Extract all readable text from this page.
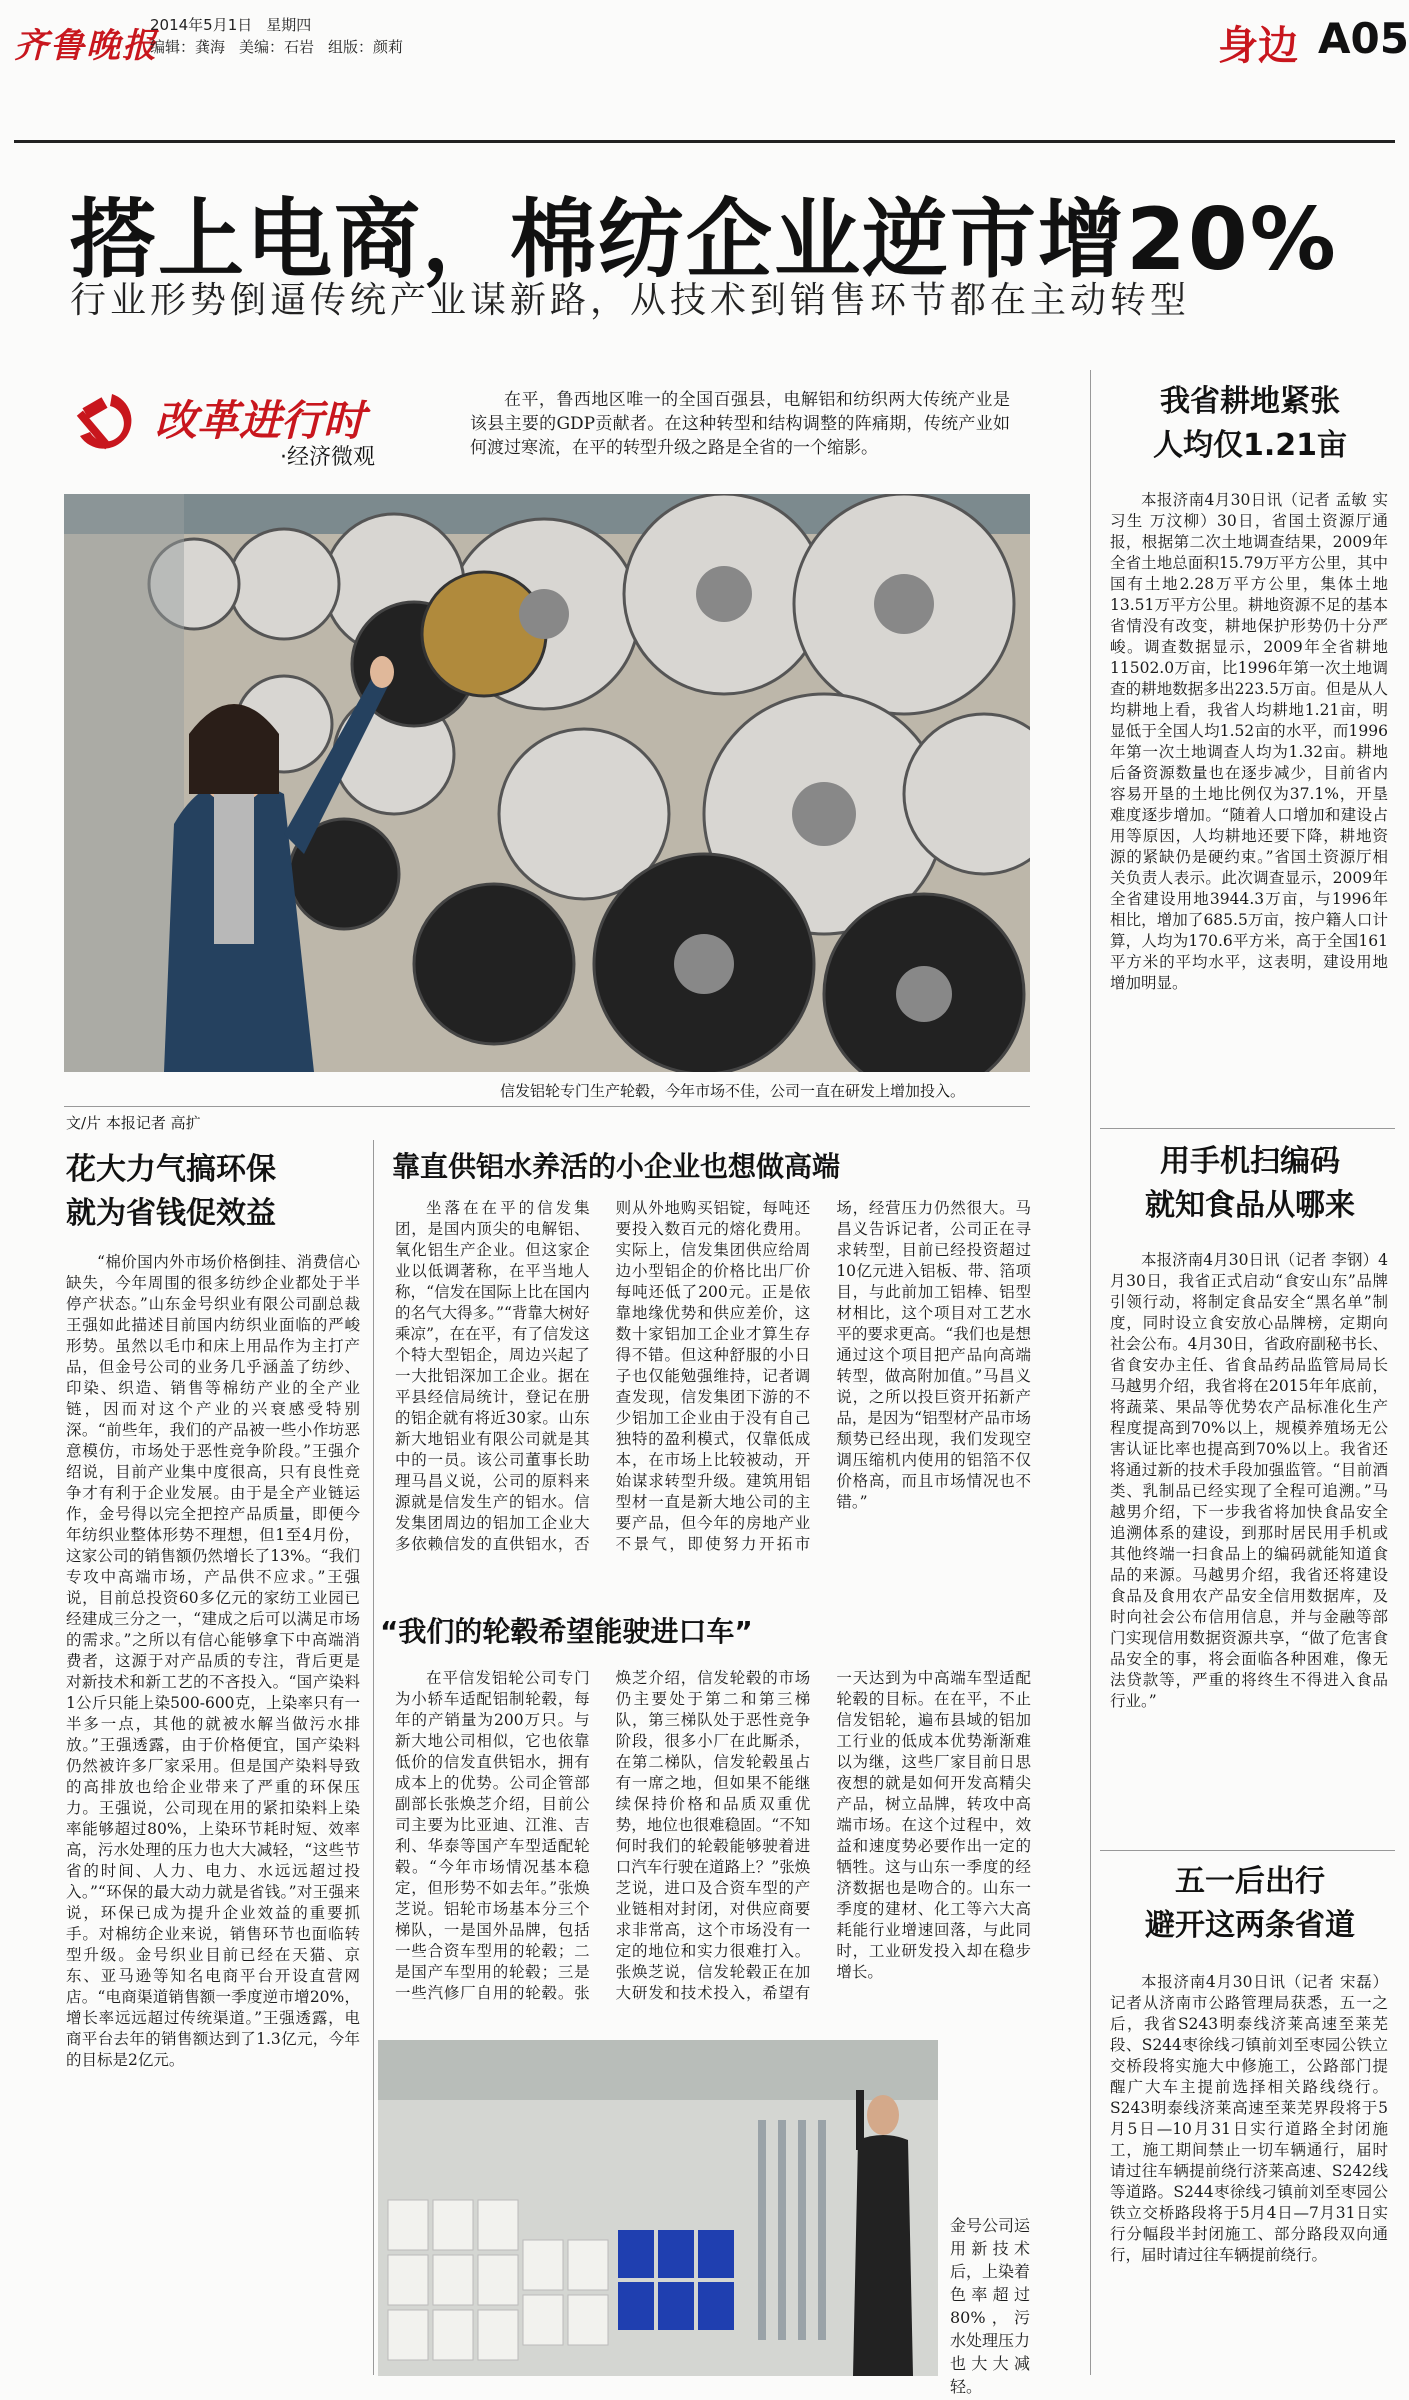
齐鲁晚报
2014年5月1日 星期四
编辑：龚海 美编：石岩 组版：颜莉	身边 A05
搭上电商，棉纺企业逆市增20%
行业形势倒逼传统产业谋新路，从技术到销售环节都在主动转型
改革进行时
·经济微观

在平，鲁西地区唯一的全国百强县，电解铝和纺织两大传统产业是该县主要的GDP贡献者。在这种转型和结构调整的阵痛期，传统产业如何渡过寒流，在平的转型升级之路是全省的一个缩影。

信发铝轮专门生产轮毂，今年市场不佳，公司一直在研发上增加投入。
文/片 本报记者 高扩
花大力气搞环保
就为省钱促效益

“棉价国内外市场价格倒挂、消费信心缺失，今年周围的很多纺纱企业都处于半停产状态。”山东金号织业有限公司副总裁王强如此描述目前国内纺织业面临的严峻形势。虽然以毛巾和床上用品作为主打产品，但金号公司的业务几乎涵盖了纺纱、印染、织造、销售等棉纺产业的全产业链，因而对这个产业的兴衰感受特别深。“前些年，我们的产品被一些小作坊恶意模仿，市场处于恶性竞争阶段。”王强介绍说，目前产业集中度很高，只有良性竞争才有利于企业发展。由于是全产业链运作，金号得以完全把控产品质量，即便今年纺织业整体形势不理想，但1至4月份，这家公司的销售额仍然增长了13%。“我们专攻中高端市场，产品供不应求。”王强说，目前总投资60多亿元的家纺工业园已经建成三分之一，“建成之后可以满足市场的需求。”之所以有信心能够拿下中高端消费者，这源于对产品质的专注，背后更是对新技术和新工艺的不吝投入。“国产染料1公斤只能上染500-600克，上染率只有一半多一点，其他的就被水解当做污水排放。”王强透露，由于价格便宜，国产染料仍然被许多厂家采用。但是国产染料导致的高排放也给企业带来了严重的环保压力。王强说，公司现在用的紧扣染料上染率能够超过80%，上染环节耗时短、效率高，污水处理的压力也大大减轻，“这些节省的时间、人力、电力、水远远超过投入。”“环保的最大动力就是省钱。”对王强来说，环保已成为提升企业效益的重要抓手。对棉纺企业来说，销售环节也面临转型升级。金号织业目前已经在天猫、京东、亚马逊等知名电商平台开设直营网店。“电商渠道销售额一季度逆市增20%，增长率远远超过传统渠道。”王强透露，电商平台去年的销售额达到了1.3亿元，今年的目标是2亿元。

靠直供铝水养活的小企业也想做高端

坐落在在平的信发集团，是国内顶尖的电解铝、氧化铝生产企业。但这家企业以低调著称，在平当地人称，“信发在国际上比在国内的名气大得多。”“背靠大树好乘凉”，在在平，有了信发这个特大型铝企，周边兴起了一大批铝深加工企业。据在平县经信局统计，登记在册的铝企就有将近30家。山东新大地铝业有限公司就是其中的一员。该公司董事长助理马昌义说，公司的原料来源就是信发生产的铝水。信发集团周边的铝加工企业大多依赖信发的直供铝水，否则从外地购买铝锭，每吨还要投入数百元的熔化费用。实际上，信发集团供应给周边小型铝企的价格比出厂价每吨还低了200元。正是依靠地缘优势和供应差价，这数十家铝加工企业才算生存得不错。但这种舒服的小日子也仅能勉强维持，记者调查发现，信发集团下游的不少铝加工企业由于没有自己独特的盈利模式，仅靠低成本，在市场上比较被动，开始谋求转型升级。建筑用铝型材一直是新大地公司的主要产品，但今年的房地产业不景气，即使努力开拓市场，经营压力仍然很大。马昌义告诉记者，公司正在寻求转型，目前已经投资超过10亿元进入铝板、带、箔项目，与此前加工铝棒、铝型材相比，这个项目对工艺水平的要求更高。“我们也是想通过这个项目把产品向高端转型，做高附加值。”马昌义说，之所以投巨资开拓新产品，是因为“铝型材产品市场颓势已经出现，我们发现空调压缩机内使用的铝箔不仅价格高，而且市场情况也不错。”

“我们的轮毂希望能驶进口车”

在平信发铝轮公司专门为小轿车适配铝制轮毂，每年的产销量为200万只。与新大地公司相似，它也依靠低价的信发直供铝水，拥有成本上的优势。公司企管部副部长张焕芝介绍，目前公司主要为比亚迪、江淮、吉利、华泰等国产车型适配轮毂。“今年市场情况基本稳定，但形势不如去年。”张焕芝说。铝轮市场基本分三个梯队，一是国外品牌，包括一些合资车型用的轮毂；二是国产车型用的轮毂；三是一些汽修厂自用的轮毂。张焕芝介绍，信发轮毂的市场仍主要处于第二和第三梯队，第三梯队处于恶性竞争阶段，很多小厂在此厮杀，在第二梯队，信发轮毂虽占有一席之地，但如果不能继续保持价格和品质双重优势，地位也很难稳固。“不知何时我们的轮毂能够驶着进口汽车行驶在道路上？”张焕芝说，进口及合资车型的产业链相对封闭，对供应商要求非常高，这个市场没有一定的地位和实力很难打入。张焕芝说，信发轮毂正在加大研发和技术投入，希望有一天达到为中高端车型适配轮毂的目标。在在平，不止信发铝轮，遍布县域的铝加工行业的低成本优势渐渐难以为继，这些厂家目前日思夜想的就是如何开发高精尖产品，树立品牌，转攻中高端市场。在这个过程中，效益和速度势必要作出一定的牺牲。这与山东一季度的经济数据也是吻合的。山东一季度的建材、化工等六大高耗能行业增速回落，与此同时，工业研发投入却在稳步增长。

金号公司运用新技术后，上染着色率超过80%，污水处理压力也大大减轻。

我省耕地紧张
人均仅1.21亩

本报济南4月30日讯（记者 孟敏 实习生 万汶柳）30日，省国土资源厅通报，根据第二次土地调查结果，2009年全省土地总面积15.79万平方公里，其中国有土地2.28万平方公里，集体土地13.51万平方公里。耕地资源不足的基本省情没有改变，耕地保护形势仍十分严峻。调查数据显示，2009年全省耕地11502.0万亩，比1996年第一次土地调查的耕地数据多出223.5万亩。但是从人均耕地上看，我省人均耕地1.21亩，明显低于全国人均1.52亩的水平，而1996年第一次土地调查人均为1.32亩。耕地后备资源数量也在逐步减少，目前省内容易开垦的土地比例仅为37.1%，开垦难度逐步增加。“随着人口增加和建设占用等原因，人均耕地还要下降，耕地资源的紧缺仍是硬约束。”省国土资源厅相关负责人表示。此次调查显示，2009年全省建设用地3944.3万亩，与1996年相比，增加了685.5万亩，按户籍人口计算，人均为170.6平方米，高于全国161平方米的平均水平，这表明，建设用地增加明显。

用手机扫编码
就知食品从哪来

本报济南4月30日讯（记者 李钢）4月30日，我省正式启动“食安山东”品牌引领行动，将制定食品安全“黑名单”制度，同时设立食安放心品牌榜，定期向社会公布。4月30日，省政府副秘书长、省食安办主任、省食品药品监管局局长马越男介绍，我省将在2015年年底前，将蔬菜、果品等优势农产品标准化生产程度提高到70%以上，规模养殖场无公害认证比率也提高到70%以上。我省还将通过新的技术手段加强监管。“目前酒类、乳制品已经实现了全程可追溯。”马越男介绍，下一步我省将加快食品安全追溯体系的建设，到那时居民用手机或其他终端一扫食品上的编码就能知道食品的来源。马越男介绍，我省还将建设食品及食用农产品安全信用数据库，及时向社会公布信用信息，并与金融等部门实现信用数据资源共享，“做了危害食品安全的事，将会面临各种困难，像无法贷款等，严重的将终生不得进入食品行业。”

五一后出行
避开这两条省道

本报济南4月30日讯（记者 宋磊）记者从济南市公路管理局获悉，五一之后，我省S243明泰线济莱高速至莱芜段、S244枣徐线刁镇前刘至枣园公铁立交桥段将实施大中修施工，公路部门提醒广大车主提前选择相关路线绕行。S243明泰线济莱高速至莱芜界段将于5月5日—10月31日实行道路全封闭施工，施工期间禁止一切车辆通行，届时请过往车辆提前绕行济莱高速、S242线等道路。S244枣徐线刁镇前刘至枣园公铁立交桥路段将于5月4日—7月31日实行分幅段半封闭施工、部分路段双向通行，届时请过往车辆提前绕行。
